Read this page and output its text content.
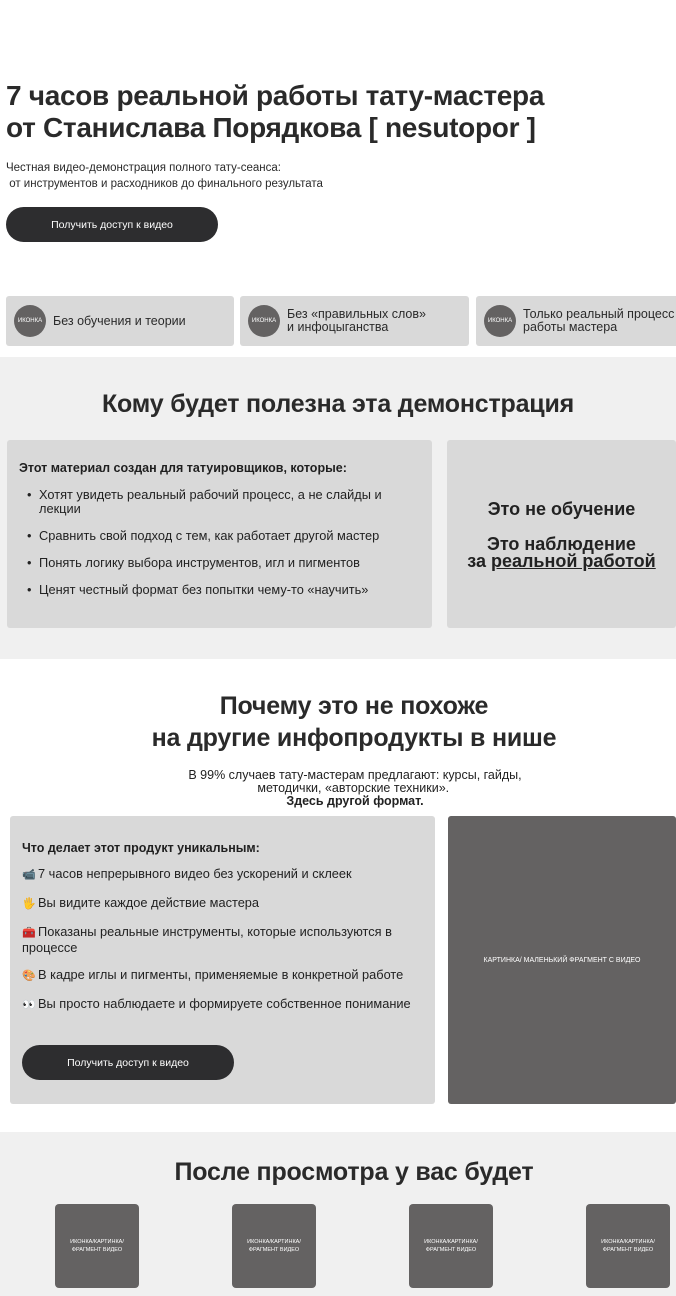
7 часов реальной работы тату-мастера
от Станислава Порядкова [ nesutopor ]

Честная видео-демонстрация полного тату-сеанса:
от инструментов и расходников до финального результата

Получить доступ к видео
ИКОНКА Без обучения и теории	ИКОНКА Без «правильных слов»
и инфоцыганства	ИКОНКА Только реальный процесс
работы мастера
Кому будет полезна эта демонстрация
Этот материал создан для татуировщиков, которые:
• Хотят увидеть реальный рабочий процесс, а не слайды и лекции
• Сравнить свой подход с тем, как работает другой мастер
• Понять логику выбора инструментов, игл и пигментов
• Ценят честный формат без попытки чему-то «научить»
Это не обучение
Это наблюдение
за реальной работой
Почему это не похоже
на другие инфопродукты в нише

В 99% случаев тату-мастерам предлагают: курсы, гайды,
методички, «авторские техники».
Здесь другой формат.

Что делает этот продукт уникальным:
📹 7 часов непрерывного видео без ускорений и склеек
🖐 Вы видите каждое действие мастера
🧰 Показаны реальные инструменты, которые используются в процессе
🎨 В кадре иглы и пигменты, применяемые в конкретной работе
👀 Вы просто наблюдаете и формируете собственное понимание
Получить доступ к видео
КАРТИНКА/ МАЛЕНЬКИЙ ФРАГМЕНТ С ВИДЕО
После просмотра у вас будет
ИКОНКА/КАРТИНКА/ ФРАГМЕНТ ВИДЕО
ИКОНКА/КАРТИНКА/ ФРАГМЕНТ ВИДЕО
ИКОНКА/КАРТИНКА/ ФРАГМЕНТ ВИДЕО
ИКОНКА/КАРТИНКА/ ФРАГМЕНТ ВИДЕО
